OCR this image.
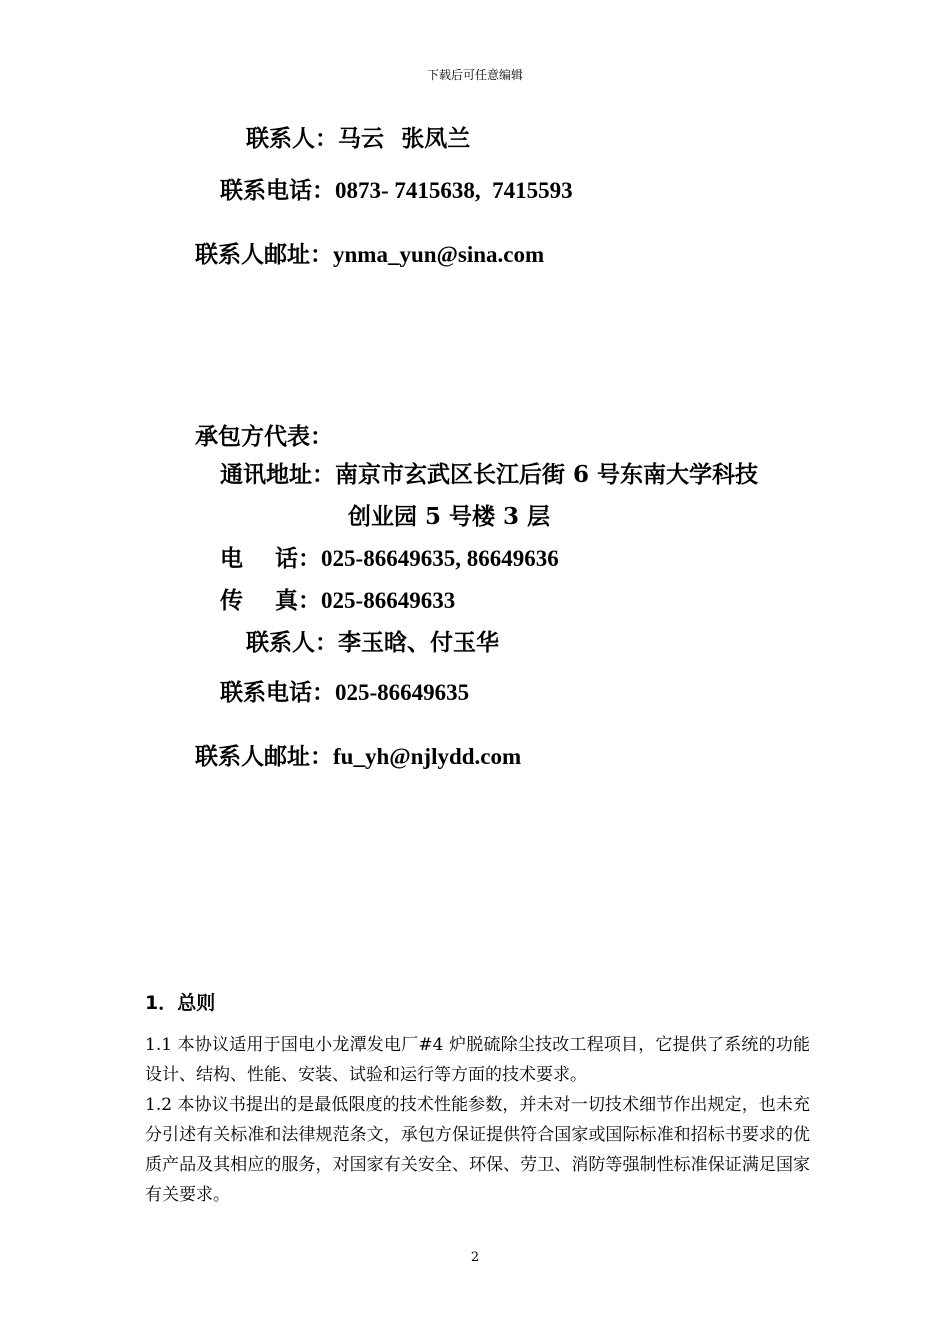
下载后可任意编辑
联系人：马云   张凤兰
联系电话：0873- 7415638,  7415593
联系人邮址：ynma_yun@sina.com
承包方代表：
通讯地址：南京市玄武区长江后街 6 号东南大学科技
创业园 5 号楼 3 层
电    话：025-86649635, 86649636
传    真：025-86649633
联系人：李玉晗、付玉华
联系电话：025-86649635
联系人邮址：fu_yh@njlydd.com
1．总则
1.1 本协议适用于国电小龙潭发电厂#4 炉脱硫除尘技改工程项目，它提供了系统的功能设计、结构、性能、安装、试验和运行等方面的技术要求。
1.2 本协议书提出的是最低限度的技术性能参数，并未对一切技术细节作出规定，也未充分引述有关标准和法律规范条文，承包方保证提供符合国家或国际标准和招标书要求的优质产品及其相应的服务，对国家有关安全、环保、劳卫、消防等强制性标准保证满足国家有关要求。
2
